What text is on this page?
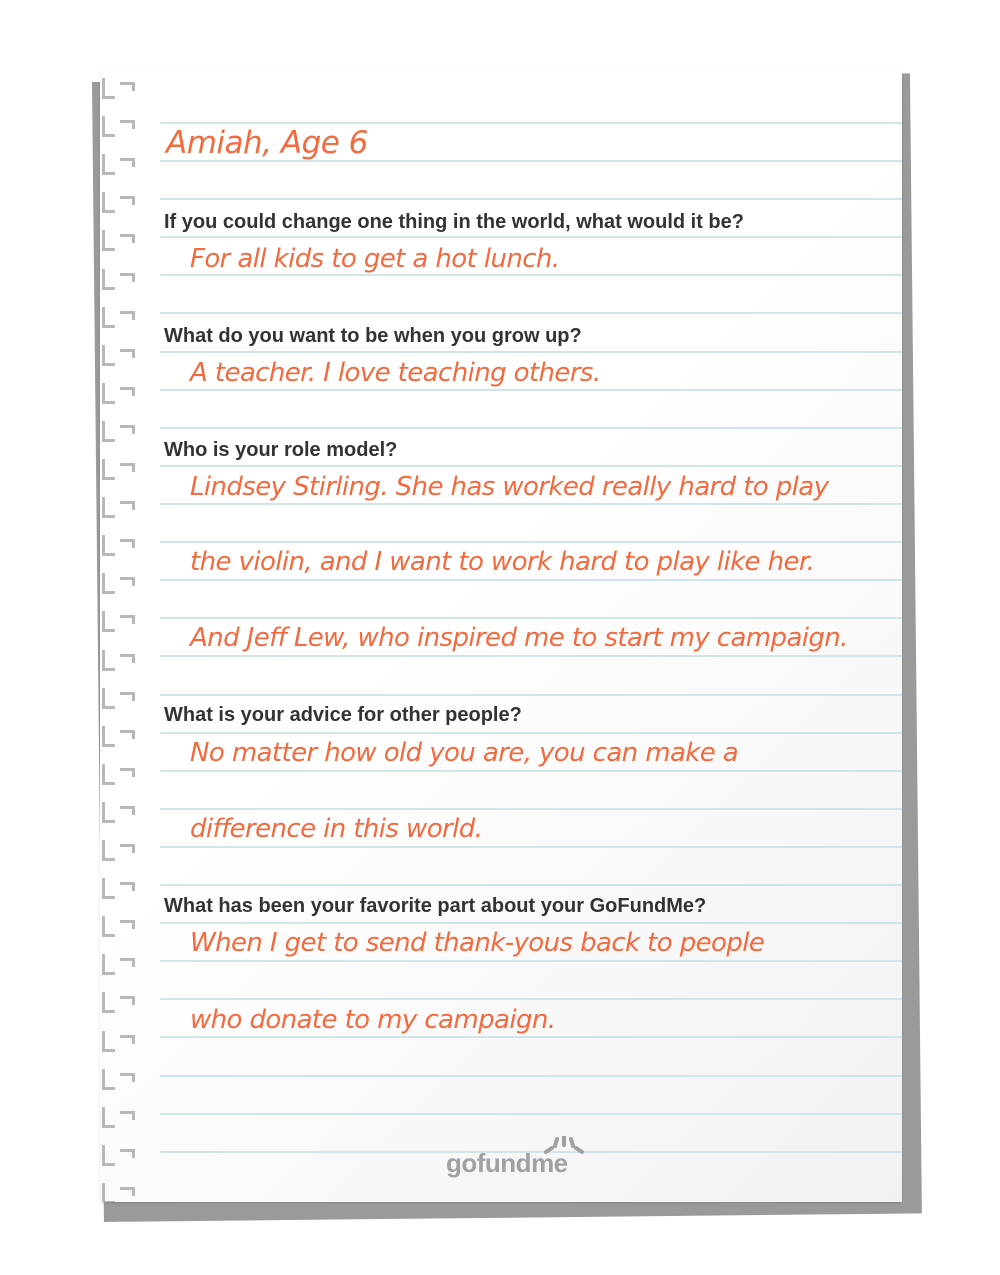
Amiah, Age 6
If you could change one thing in the world, what would it be?
For all kids to get a hot lunch.
What do you want to be when you grow up?
A teacher. I love teaching others.
Who is your role model?
Lindsey Stirling. She has worked really hard to play
the violin, and I want to work hard to play like her.
And Jeff Lew, who inspired me to start my campaign.
What is your advice for other people?
No matter how old you are, you can make a
difference in this world.
What has been your favorite part about your GoFundMe?
When I get to send thank-yous back to people
who donate to my campaign.
gofundme
